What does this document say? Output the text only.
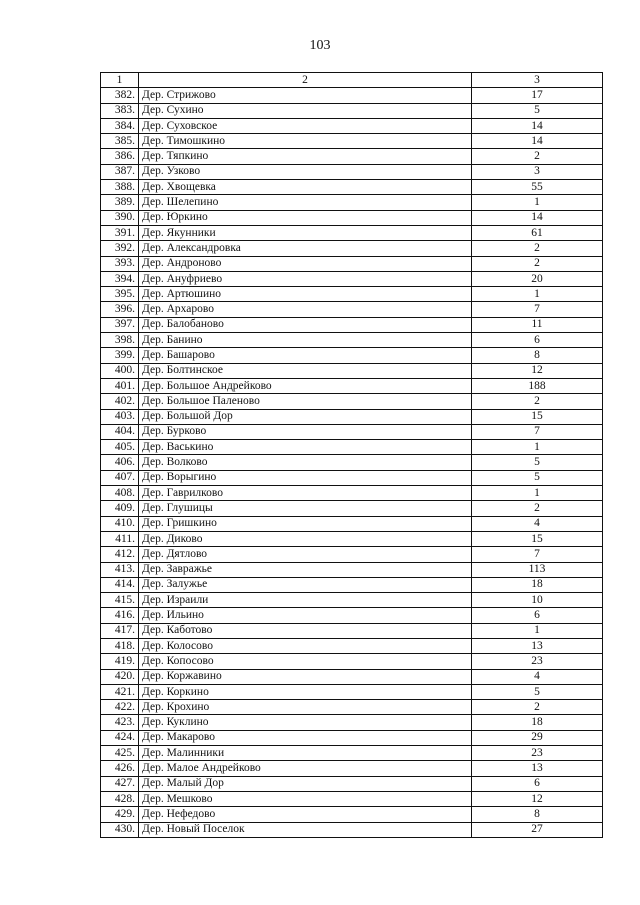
103
1	2	3
382.	Дер. Стрижово	17
383.	Дер. Сухино	5
384.	Дер. Суховское	14
385.	Дер. Тимошкино	14
386.	Дер. Тяпкино	2
387.	Дер. Узково	3
388.	Дер. Хвощевка	55
389.	Дер. Шелепино	1
390.	Дер. Юркино	14
391.	Дер. Якунники	61
392.	Дер. Александровка	2
393.	Дер. Андроново	2
394.	Дер. Ануфриево	20
395.	Дер. Артюшино	1
396.	Дер. Архарово	7
397.	Дер. Балобаново	11
398.	Дер. Банино	6
399.	Дер. Башарово	8
400.	Дер. Болтинское	12
401.	Дер. Большое Андрейково	188
402.	Дер. Большое Паленово	2
403.	Дер. Большой Дор	15
404.	Дер. Бурково	7
405.	Дер. Васькино	1
406.	Дер. Волково	5
407.	Дер. Ворыгино	5
408.	Дер. Гаврилково	1
409.	Дер. Глушицы	2
410.	Дер. Гришкино	4
411.	Дер. Диково	15
412.	Дер. Дятлово	7
413.	Дер. Завражье	113
414.	Дер. Залужье	18
415.	Дер. Израили	10
416.	Дер. Ильино	6
417.	Дер. Каботово	1
418.	Дер. Колосово	13
419.	Дер. Копосово	23
420.	Дер. Коржавино	4
421.	Дер. Коркино	5
422.	Дер. Крохино	2
423.	Дер. Куклино	18
424.	Дер. Макарово	29
425.	Дер. Малинники	23
426.	Дер. Малое Андрейково	13
427.	Дер. Малый Дор	6
428.	Дер. Мешково	12
429.	Дер. Нефедово	8
430.	Дер. Новый Поселок	27
